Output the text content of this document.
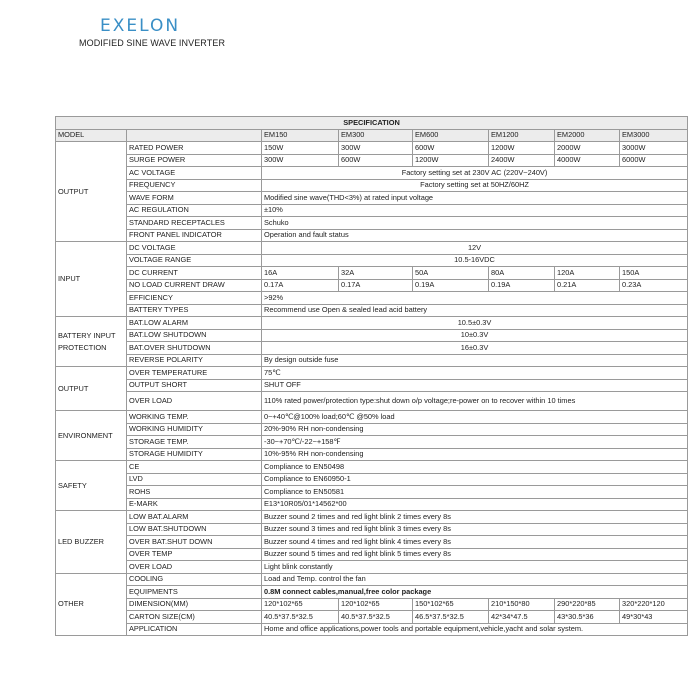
EXELON
MODIFIED SINE WAVE INVERTER
SPECIFICATION							
MODEL		EM150	EM300	EM600	EM1200	EM2000	EM3000
OUTPUT	RATED POWER	150W	300W	600W	1200W	2000W	3000W
	SURGE POWER	300W	600W	1200W	2400W	4000W	6000W
	AC VOLTAGE	Factory setting set at 230V AC (220V~240V)					
	FREQUENCY	Factory setting set at 50HZ/60HZ					
	WAVE FORM	Modified sine wave(THD<3%) at rated input voltage					
	AC REGULATION	±10%					
	STANDARD RECEPTACLES	Schuko					
	FRONT PANEL INDICATOR	Operation and fault status					
INPUT	DC VOLTAGE	12V					
	VOLTAGE RANGE	10.5-16VDC					
	DC CURRENT	16A	32A	50A	80A	120A	150A
	NO LOAD CURRENT DRAW	0.17A	0.17A	0.19A	0.19A	0.21A	0.23A
	EFFICIENCY	>92%					
	BATTERY TYPES	Recommend use Open & sealed lead acid battery					
BATTERY INPUT PROTECTION	BAT.LOW ALARM	10.5±0.3V					
	BAT.LOW SHUTDOWN	10±0.3V					
	BAT.OVER SHUTDOWN	16±0.3V					
	REVERSE POLARITY	By design outside fuse					
OUTPUT	OVER TEMPERATURE	75℃					
	OUTPUT SHORT	SHUT OFF					
	OVER LOAD	110% rated power/protection type:shut down o/p voltage;re-power on to recover within 10 times					
ENVIRONMENT	WORKING TEMP.	0~+40℃@100% load;60℃ @50% load					
	WORKING HUMIDITY	20%-90% RH non-condensing					
	STORAGE TEMP.	-30~+70℃/-22~+158℉					
	STORAGE HUMIDITY	10%-95% RH non-condensing					
SAFETY	CE	Compliance to EN50498					
	LVD	Compliance to EN60950-1					
	ROHS	Compliance to EN50581					
	E-MARK	E13*10R05/01*14562*00					
LED BUZZER	LOW BAT.ALARM	Buzzer sound 2 times and red light blink 2 times every 8s					
	LOW BAT.SHUTDOWN	Buzzer sound 3 times and red light blink 3 times every 8s					
	OVER BAT.SHUT DOWN	Buzzer sound 4 times and red light blink 4 times every 8s					
	OVER TEMP	Buzzer sound 5 times and red light blink 5 times every 8s					
	OVER LOAD	Light blink constantly					
OTHER	COOLING	Load and Temp. control the fan					
	EQUIPMENTS	0.8M connect cables,manual,free color package					
	DIMENSION(MM)	120*102*65	120*102*65	150*102*65	210*150*80	290*220*85	320*220*120
	CARTON SIZE(CM)	40.5*37.5*32.5	40.5*37.5*32.5	46.5*37.5*32.5	42*34*47.5	43*30.5*36	49*30*43
	APPLICATION	Home and office applications,power tools and portable equipment,vehicle,yacht and solar system.					
